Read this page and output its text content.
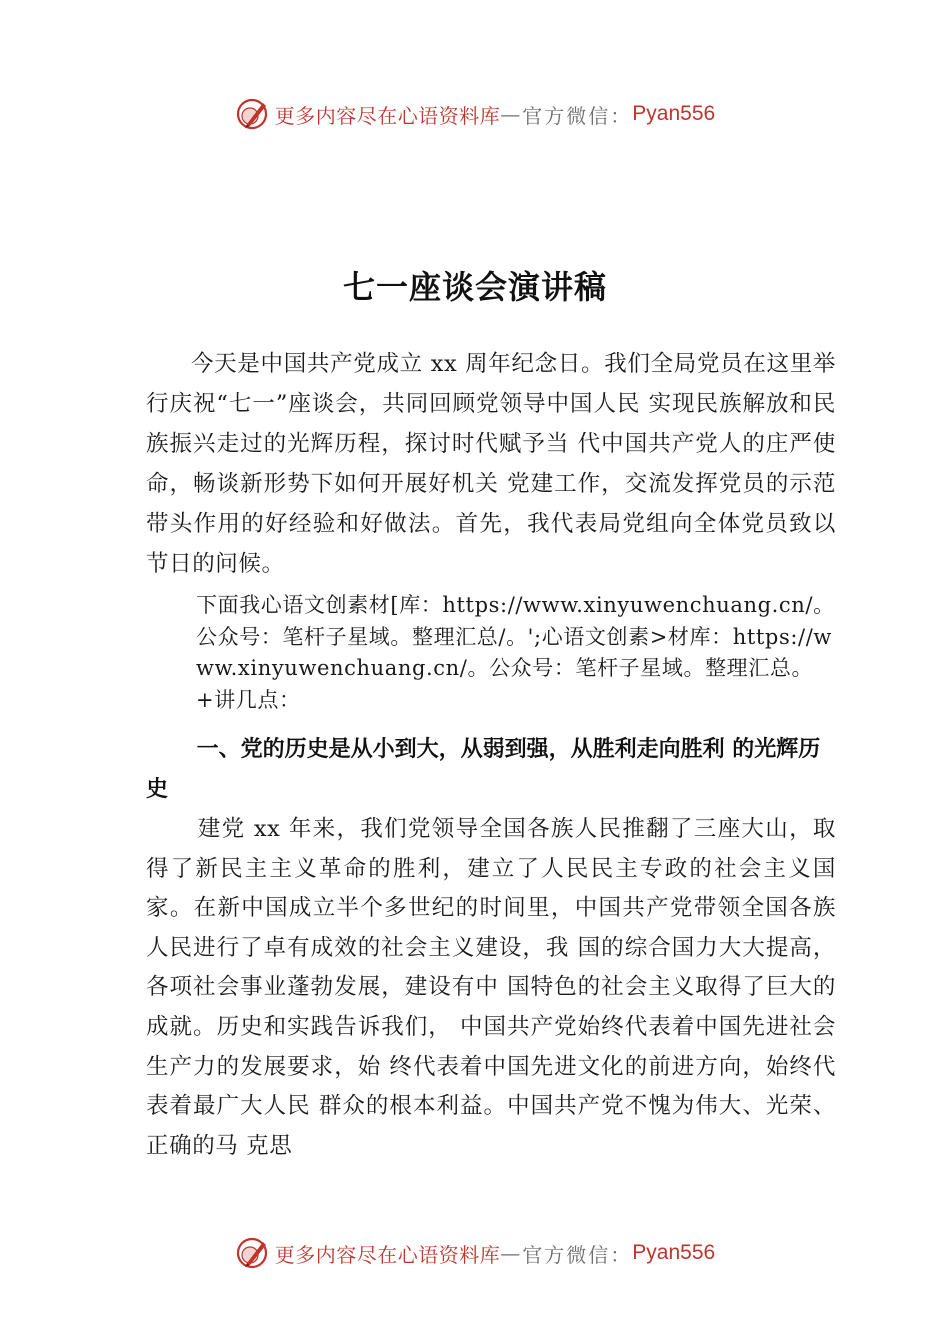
更多内容尽在心语资料库 — 官方微信： Pyan556
七一座谈会演讲稿

今天是中国共产党成立 xx 周年纪念日。我们全局党员在这里举行庆祝“七一”座谈会，共同回顾党领导中国人民 实现民族解放和民族振兴走过的光辉历程，探讨时代赋予当 代中国共产党人的庄严使命，畅谈新形势下如何开展好机关 党建工作，交流发挥党员的示范带头作用的好经验和好做法。首先，我代表局党组向全体党员致以节日的问候。

下面我心语文创素材[库：https://www.xinyuwenchuang.cn/。公众号：笔杆子星域。整理汇总/。';心语文创素>材库：https://www.xinyuwenchuang.cn/。公众号：笔杆子星域。整理汇总。+讲几点：

一、党的历史是从小到大，从弱到强，从胜利走向胜利 的光辉历史

建党 xx 年来，我们党领导全国各族人民推翻了三座大山，取得了新民主主义革命的胜利，建立了人民民主专政的社会主义国家。在新中国成立半个多世纪的时间里，中国共产党带领全国各族人民进行了卓有成效的社会主义建设，我 国的综合国力大大提高，各项社会事业蓬勃发展，建设有中 国特色的社会主义取得了巨大的成就。历史和实践告诉我们， 中国共产党始终代表着中国先进社会生产力的发展要求，始 终代表着中国先进文化的前进方向，始终代表着最广大人民 群众的根本利益。中国共产党不愧为伟大、光荣、正确的马 克思

更多内容尽在心语资料库 — 官方微信： Pyan556
